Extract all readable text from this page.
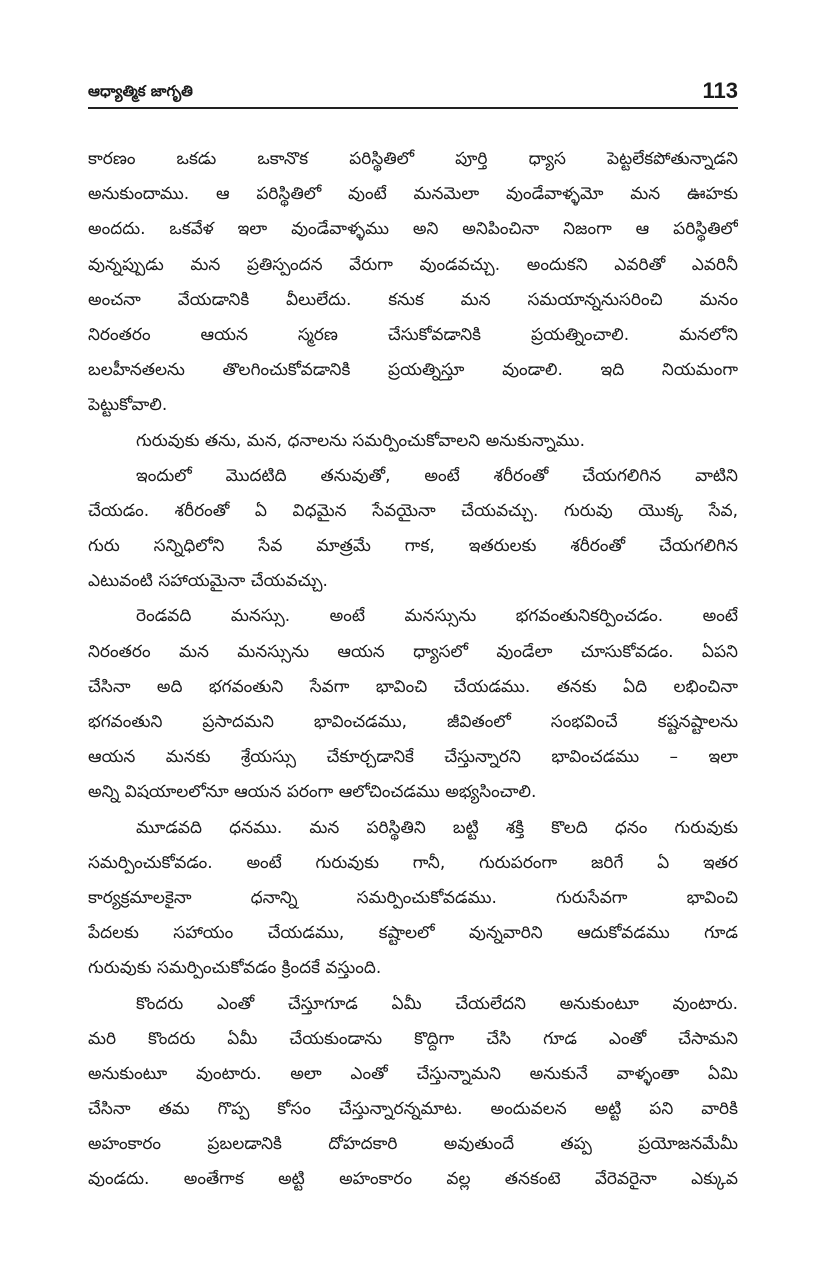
ఆధ్యాత్మిక జాగృతి	113
కారణం ఒకడు ఒకానొక పరిస్థితిలో పూర్తి ధ్యాస పెట్టలేకపోతున్నాడని
అనుకుందాము. ఆ పరిస్థితిలో వుంటే మనమెలా వుండేవాళ్ళమో మన ఊహకు
అందదు. ఒకవేళ ఇలా వుండేవాళ్ళము అని అనిపించినా నిజంగా ఆ పరిస్థితిలో
వున్నప్పుడు మన ప్రతిస్పందన వేరుగా వుండవచ్చు. అందుకని ఎవరితో ఎవరినీ
అంచనా వేయడానికి వీలులేదు. కనుక మన సమయాన్ననుసరించి మనం
నిరంతరం ఆయన స్మరణ చేసుకోవడానికి ప్రయత్నించాలి. మనలోని
బలహీనతలను తొలగించుకోవడానికి ప్రయత్నిస్తూ వుండాలి. ఇది నియమంగా
పెట్టుకోవాలి.
గురువుకు తను, మన, ధనాలను సమర్పించుకోవాలని అనుకున్నాము.
ఇందులో మొదటిది తనువుతో, అంటే శరీరంతో చేయగలిగిన వాటిని
చేయడం. శరీరంతో ఏ విధమైన సేవయైనా చేయవచ్చు. గురువు యొక్క సేవ,
గురు సన్నిధిలోని సేవ మాత్రమే గాక, ఇతరులకు శరీరంతో చేయగలిగిన
ఎటువంటి సహాయమైనా చేయవచ్చు.
రెండవది మనస్సు. అంటే మనస్సును భగవంతునికర్పించడం. అంటే
నిరంతరం మన మనస్సును ఆయన ధ్యాసలో వుండేలా చూసుకోవడం. ఏపని
చేసినా అది భగవంతుని సేవగా భావించి చేయడము. తనకు ఏది లభించినా
భగవంతుని ప్రసాదమని భావించడము, జీవితంలో సంభవించే కష్టనష్టాలను
ఆయన మనకు శ్రేయస్సు చేకూర్చడానికే చేస్తున్నారని భావించడము – ఇలా
అన్ని విషయాలలోనూ ఆయన పరంగా ఆలోచించడము అభ్యసించాలి.
మూడవది ధనము. మన పరిస్థితిని బట్టి శక్తి కొలది ధనం గురువుకు
సమర్పించుకోవడం. అంటే గురువుకు గానీ, గురుపరంగా జరిగే ఏ ఇతర
కార్యక్రమాలకైనా ధనాన్ని సమర్పించుకోవడము. గురుసేవగా భావించి
పేదలకు సహాయం చేయడము, కష్టాలలో వున్నవారిని ఆదుకోవడము గూడ
గురువుకు సమర్పించుకోవడం క్రిందకే వస్తుంది.
కొందరు ఎంతో చేస్తూగూడ ఏమీ చేయలేదని అనుకుంటూ వుంటారు.
మరి కొందరు ఏమీ చేయకుండాను కొద్దిగా చేసి గూడ ఎంతో చేసామని
అనుకుంటూ వుంటారు. అలా ఎంతో చేస్తున్నామని అనుకునే వాళ్ళంతా ఏమి
చేసినా తమ గొప్ప కోసం చేస్తున్నారన్నమాట. అందువలన అట్టి పని వారికి
అహంకారం ప్రబలడానికి దోహదకారి అవుతుందే తప్ప ప్రయోజనమేమీ
వుండదు. అంతేగాక అట్టి అహంకారం వల్ల తనకంటె వేరెవరైనా ఎక్కువ
